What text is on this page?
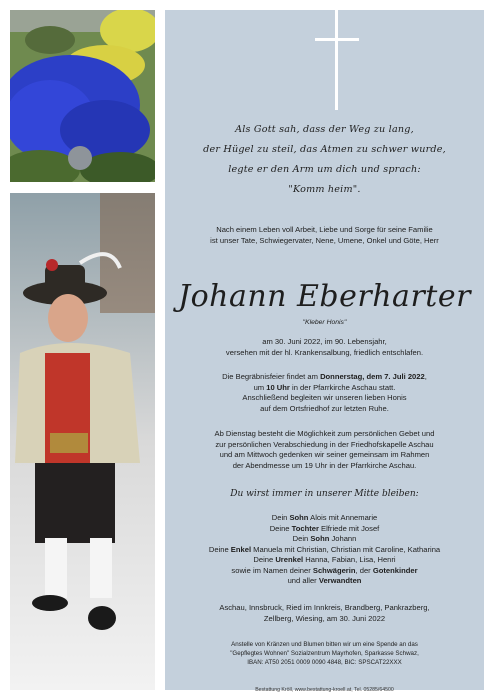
Als Gott sah, dass der Weg zu lang,
der Hügel zu steil, das Atmen zu schwer wurde,
legte er den Arm um dich und sprach:
"Komm heim".
Nach einem Leben voll Arbeit, Liebe und Sorge für seine Familie
ist unser Tate, Schwiegervater, Nene, Umene, Onkel und Göte, Herr
Johann Eberharter
"Kleber Honis"
am 30. Juni 2022, im 90. Lebensjahr,
versehen mit der hl. Krankensalbung, friedlich entschlafen.
Die Begräbnisfeier findet am Donnerstag, dem 7. Juli 2022,
um 10 Uhr in der Pfarrkirche Aschau statt.
Anschließend begleiten wir unseren lieben Honis
auf dem Ortsfriedhof zur letzten Ruhe.
Ab Dienstag besteht die Möglichkeit zum persönlichen Gebet und
zur persönlichen Verabschiedung in der Friedhofskapelle Aschau
und am Mittwoch gedenken wir seiner gemeinsam im Rahmen
der Abendmesse um 19 Uhr in der Pfarrkirche Aschau.
Du wirst immer in unserer Mitte bleiben:
Dein Sohn Alois mit Annemarie
Deine Tochter Elfriede mit Josef
Dein Sohn Johann
Deine Enkel Manuela mit Christian, Christian mit Caroline, Katharina
Deine Urenkel Hanna, Fabian, Lisa, Henri
sowie im Namen deiner Schwägerin, der Gotenkinder
und aller Verwandten
Aschau, Innsbruck, Ried im Innkreis, Brandberg, Pankrazberg,
Zellberg, Wiesing, am 30. Juni 2022
Anstelle von Kränzen und Blumen bitten wir um eine Spende an das
"Gepflegtes Wohnen" Sozialzentrum Mayrhofen, Sparkasse Schwaz,
IBAN: AT50 2051 0009 0090 4848, BIC: SPSCAT22XXX
Bestattung Kröll, www.bestattung-kroell.at, Tel. 05285/64500
